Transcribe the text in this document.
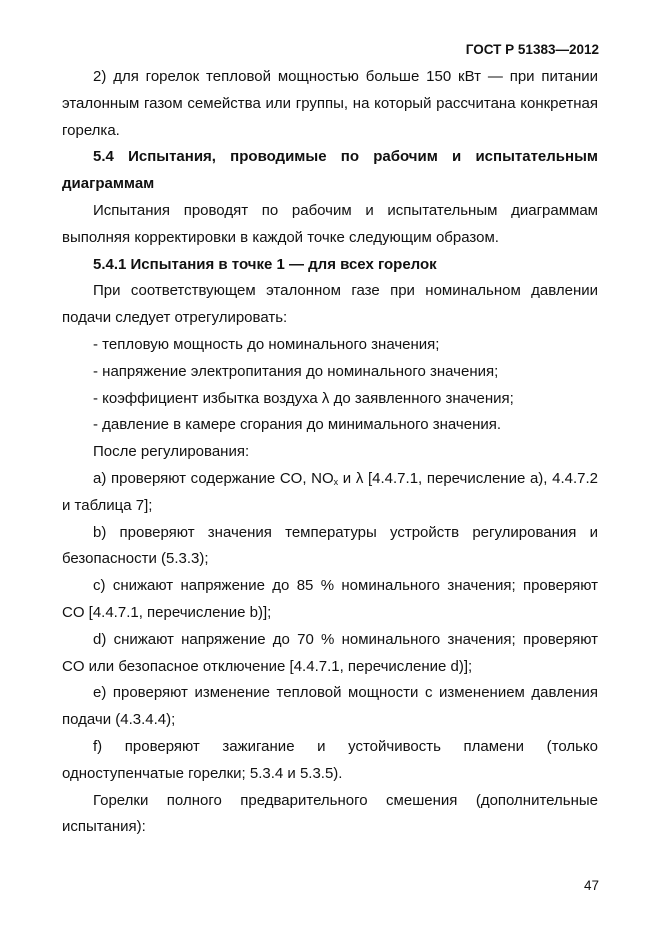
ГОСТ Р 51383—2012

2) для горелок тепловой мощностью больше 150 кВт — при питании эталонным газом семейства или группы, на который рассчитана конкретная горелка.

5.4 Испытания, проводимые по рабочим и испытательным диаграммам

Испытания проводят по рабочим и испытательным диаграммам выполняя корректировки в каждой точке следующим образом.

5.4.1 Испытания в точке 1 — для всех горелок

При соответствующем эталонном газе при номинальном давлении подачи следует отрегулировать:

- тепловую мощность до номинального значения;

- напряжение электропитания до номинального значения;

- коэффициент избытка воздуха λ до заявленного значения;

- давление в камере сгорания до минимального значения.

После регулирования:

а) проверяют содержание CO, $NO_x$ и λ [4.4.7.1, перечисление а), 4.4.7.2 и таблица 7];

b) проверяют значения температуры устройств регулирования и безопасности (5.3.3);

c) снижают напряжение до 85 % номинального значения; проверяют CO [4.4.7.1, перечисление b)];

d) снижают напряжение до 70 % номинального значения; проверяют CO или безопасное отключение [4.4.7.1, перечисление d)];

е) проверяют изменение тепловой мощности с изменением давления подачи (4.3.4.4);

f) проверяют зажигание и устойчивость пламени (только одноступенчатые горелки; 5.3.4 и 5.3.5).

Горелки полного предварительного смешения (дополнительные испытания):

47
